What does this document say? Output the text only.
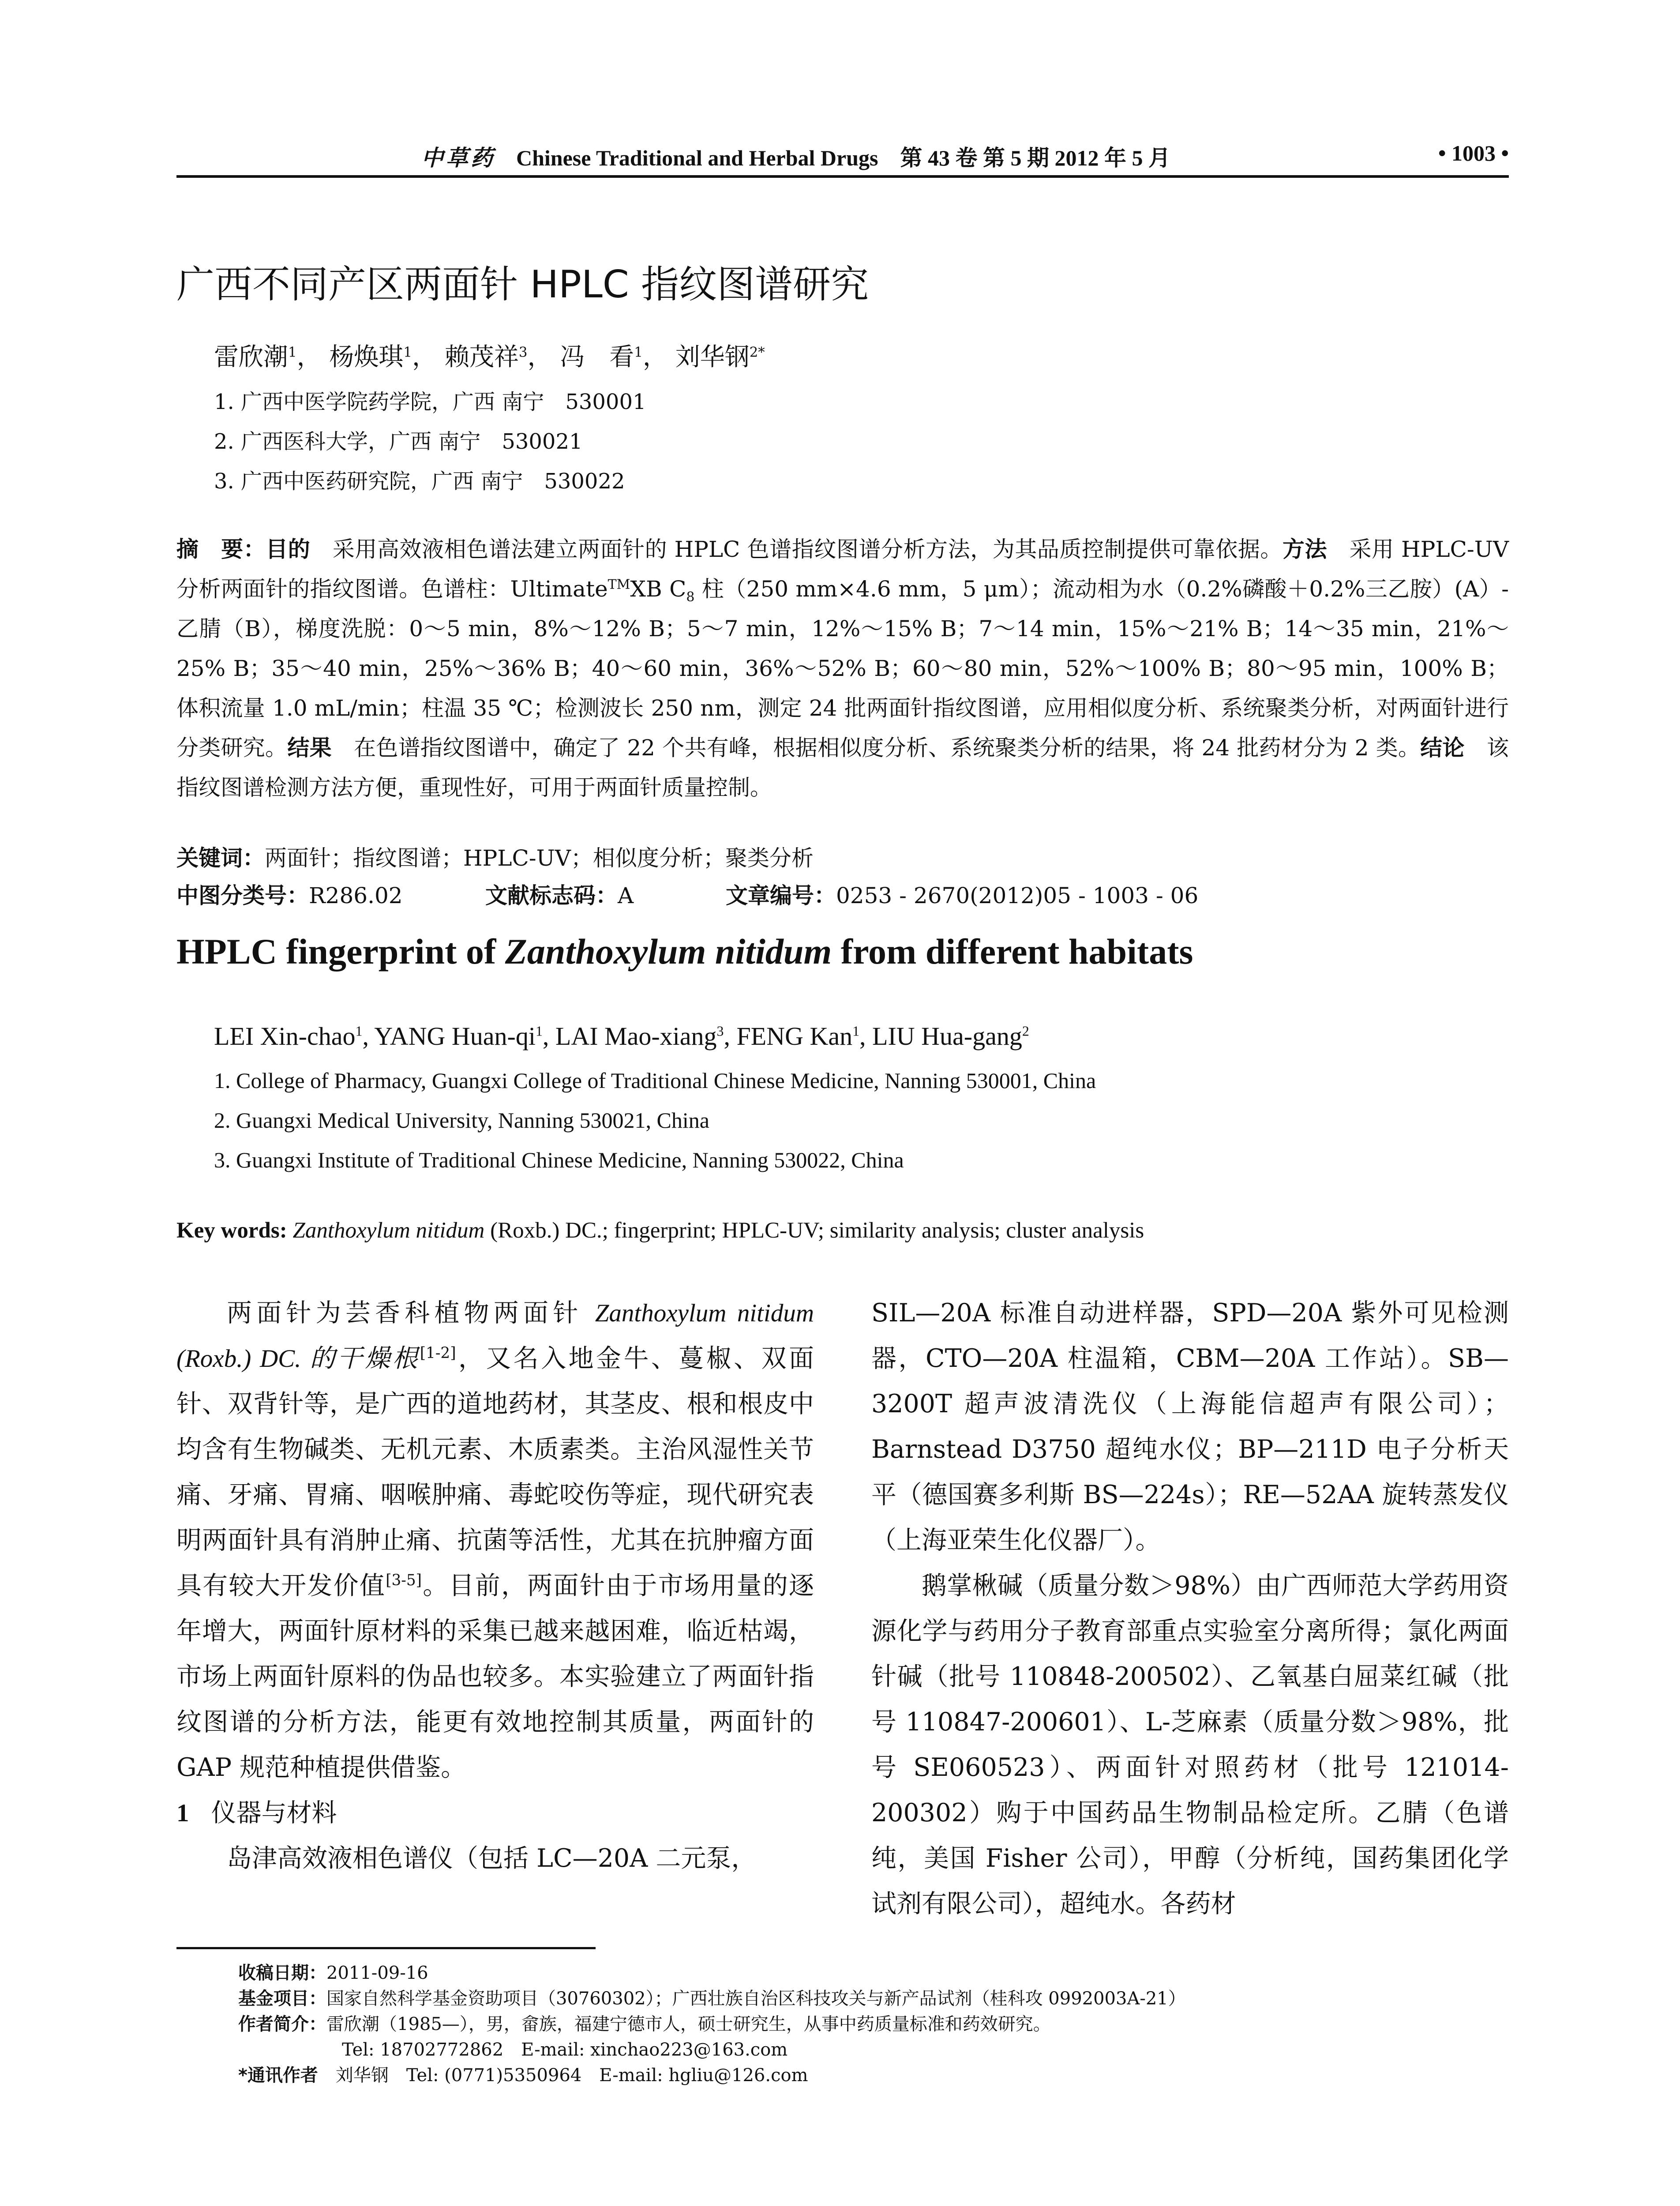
中草药 Chinese Traditional and Herbal Drugs　第 43 卷 第 5 期 2012 年 5 月	• 1003 •
广西不同产区两面针 HPLC 指纹图谱研究
雷欣潮$^1$， 杨焕琪$^1$， 赖茂祥$^3$， 冯　看$^1$， 刘华钢$^{2*}$
1. 广西中医学院药学院，广西 南宁　530001
2. 广西医科大学，广西 南宁　530021
3. 广西中医药研究院，广西 南宁　530022
摘　要：目的　采用高效液相色谱法建立两面针的 HPLC 色谱指纹图谱分析方法，为其品质控制提供可靠依据。方法　采用 HPLC-UV 分析两面针的指纹图谱。色谱柱：Ultimate™XB $C_8$ 柱（250 mm×4.6 mm，5 μm）；流动相为水（0.2%磷酸＋0.2%三乙胺）(A）-乙腈（B），梯度洗脱：0～5 min，8%～12% B；5～7 min，12%～15% B；7～14 min，15%～21% B；14～35 min，21%～25% B；35～40 min，25%～36% B；40～60 min，36%～52% B；60～80 min，52%～100% B；80～95 min，100% B；体积流量 1.0 mL/min；柱温 35 ℃；检测波长 250 nm，测定 24 批两面针指纹图谱，应用相似度分析、系统聚类分析，对两面针进行分类研究。结果　在色谱指纹图谱中，确定了 22 个共有峰，根据相似度分析、系统聚类分析的结果，将 24 批药材分为 2 类。结论　该指纹图谱检测方法方便，重现性好，可用于两面针质量控制。
关键词：两面针；指纹图谱；HPLC-UV；相似度分析；聚类分析
中图分类号：R286.02	文献标志码：A	文章编号：0253 - 2670(2012)05 - 1003 - 06
HPLC fingerprint of Zanthoxylum nitidum from different habitats
LEI Xin-chao$^1$, YANG Huan-$qi^1$, LAI Mao-xiang$^3$, FENG Kan$^1$, LIU Hua-gang$^2$
1. College of Pharmacy, Guangxi College of Traditional Chinese Medicine, Nanning 530001, China
2. Guangxi Medical University, Nanning 530021, China
3. Guangxi Institute of Traditional Chinese Medicine, Nanning 530022, China
Key words: Zanthoxylum nitidum (Roxb.) DC.; fingerprint; HPLC-UV; similarity analysis; cluster analysis

两面针为芸香科植物两面针 Zanthoxylum nitidum (Roxb.) DC. 的干燥根[1-2]，又名入地金牛、蔓椒、双面针、双背针等，是广西的道地药材，其茎皮、根和根皮中均含有生物碱类、无机元素、木质素类。主治风湿性关节痛、牙痛、胃痛、咽喉肿痛、毒蛇咬伤等症，现代研究表明两面针具有消肿止痛、抗菌等活性，尤其在抗肿瘤方面具有较大开发价值[3-5]。目前，两面针由于市场用量的逐年增大，两面针原材料的采集已越来越困难，临近枯竭，市场上两面针原料的伪品也较多。本实验建立了两面针指纹图谱的分析方法，能更有效地控制其质量，两面针的 GAP 规范种植提供借鉴。

1 仪器与材料

岛津高效液相色谱仪（包括 LC—20A 二元泵，

SIL—20A 标准自动进样器，SPD—20A 紫外可见检测器，CTO—20A 柱温箱，CBM—20A 工作站）。SB—3200T 超声波清洗仪（上海能信超声有限公司）；Barnstead D3750 超纯水仪；BP—211D 电子分析天平（德国赛多利斯 BS—224s）；RE—52AA 旋转蒸发仪（上海亚荣生化仪器厂）。

鹅掌楸碱（质量分数＞98%）由广西师范大学药用资源化学与药用分子教育部重点实验室分离所得；氯化两面针碱（批号 110848-200502）、乙氧基白屈菜红碱（批号 110847-200601）、L-芝麻素（质量分数＞98%，批号 SE060523）、两面针对照药材（批号 121014-200302）购于中国药品生物制品检定所。乙腈（色谱纯，美国 Fisher 公司），甲醇（分析纯，国药集团化学试剂有限公司），超纯水。各药材

收稿日期：2011-09-16
基金项目：国家自然科学基金资助项目（30760302）；广西壮族自治区科技攻关与新产品试剂（桂科攻 0992003A-21）
作者简介：雷欣潮（1985—），男，畲族，福建宁德市人，硕士研究生，从事中药质量标准和药效研究。
Tel: 18702772862　E-mail: xinchao223@163.com
*通讯作者　刘华钢　Tel: (0771)5350964　E-mail: hgliu@126.com
